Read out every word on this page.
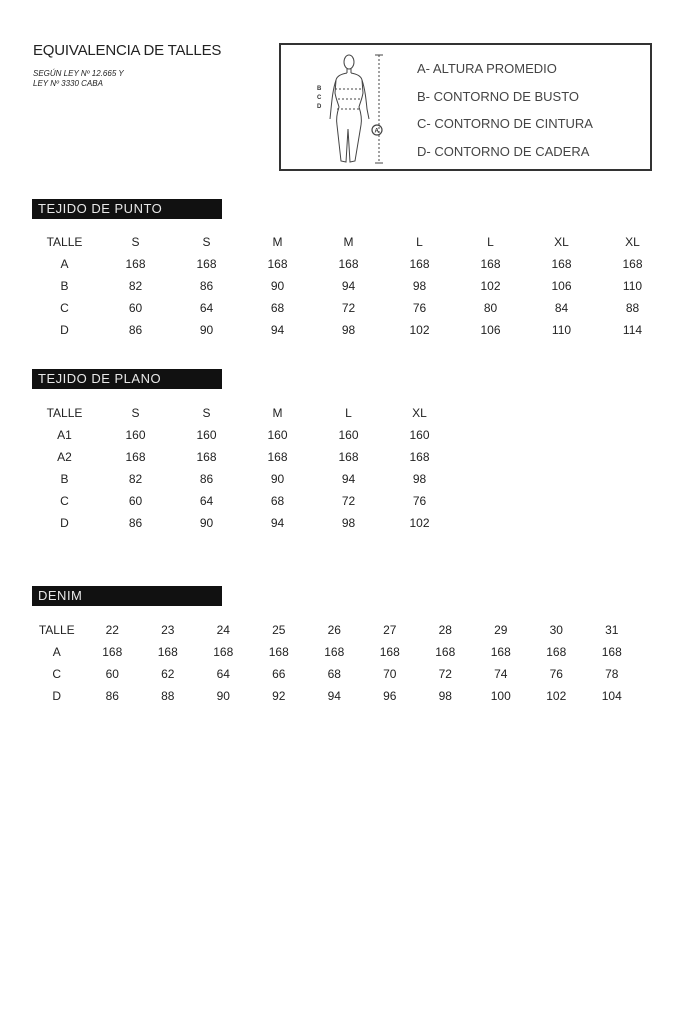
EQUIVALENCIA DE TALLES
SEGÚN LEY Nº 12.665 Y
LEY Nº 3330 CABA
B
C
D
A
A- ALTURA PROMEDIO
B- CONTORNO DE BUSTO
C- CONTORNO DE CINTURA
D- CONTORNO DE CADERA
TEJIDO DE PUNTO
TALLE	S	S	M	M	L	L	XL	XL
A	168	168	168	168	168	168	168	168
B	82	86	90	94	98	102	106	110
C	60	64	68	72	76	80	84	88
D	86	90	94	98	102	106	110	114
TEJIDO DE PLANO
TALLE	S	S	M	L	XL
A1	160	160	160	160	160
A2	168	168	168	168	168
B	82	86	90	94	98
C	60	64	68	72	76
D	86	90	94	98	102
DENIM
TALLE	22	23	24	25	26	27	28	29	30	31
A	168	168	168	168	168	168	168	168	168	168
C	60	62	64	66	68	70	72	74	76	78
D	86	88	90	92	94	96	98	100	102	104
